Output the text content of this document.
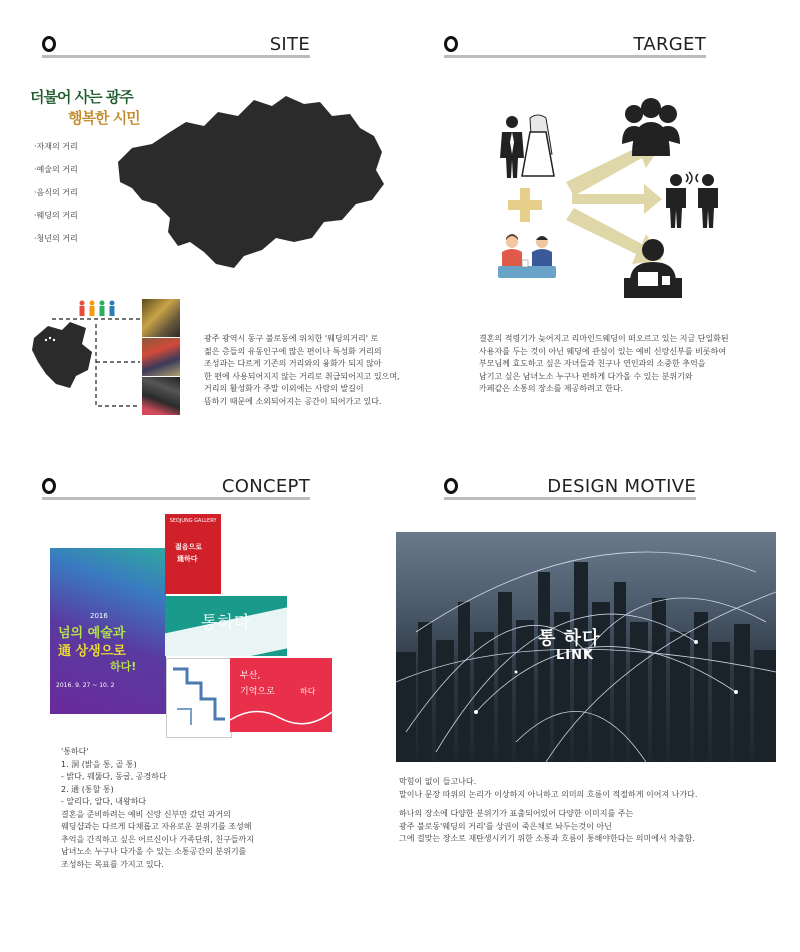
SITE	TARGET
더불어 사는 광주
행복한 시민
·자재의 거리
·예술의 거리
·음식의 거리
·웨딩의 거리
·청년의 거리
광주 광역시 동구 불로동에 위치한 '웨딩의거리' 로
젊은 층들의 유동인구에 많은 편이나 특성화 거리의
조성과는 다르게 기존의 거리와의 융화가 되지 않아
한 편에 사용되어지지 않는 거리로 취급되어지고 있으며,
거리의 활성화가 주말 이외에는 사람의 발길이
뜸하기 때문에 소외되어지는 공간이 되어가고 있다.
결혼의 적령기가 늦어지고 리마인드웨딩이 떠오르고 있는 지금 단일화된
사용자를 두는 것이 아닌 웨딩에 관심이 있는 예비 신랑신부를 비롯하여
부모님께 효도하고 싶은 자녀들과 친구나 연인과의 소중한 추억을
남기고 싶은 남녀노소 누구나 편하게 다가올 수 있는 분위기와
카페같은 소통의 장소를 제공하려고 한다.
CONCEPT	DESIGN MOTIVE
2016
넘의 예술과
通 상생으로
하다!
2016. 9. 27 ~ 10. 2
SEOJUNG GALLERY
젊음으로
通하다
통하다
부산,
기억으로	하다
'통하다'
1. 洞 (밝을 통, 골 통)
- 밝다, 꿰뚫다, 동굴, 공경하다
2. 通 (통할 통)
- 알리다, 알다, 내왕하다
결혼을 준비하려는 예비 신랑 신부만 갔던 과거의
웨딩샵과는 다르게 다채롭고 자유로운 분위기를 조성해
추억을 간직하고 싶은 어르신이나 가족단위, 친구들까지
남녀노소 누구나 다가올 수 있는 소통공간의 분위기를
조성하는 목표를 가지고 있다.
통 하다
LINK
막힘이 없이 들고나다.
말이나 문장 따위의 논리가 이상하지 아니하고 의미의 흐름이 적절하게 이어져 나가다.
하나의 장소에 다양한 분위기가 표출되어있어 다양한 이미지를 주는
광주 불로동'웨딩의 거리'를 상권이 죽은채로 놔두는것이 아닌
그에 걸맞는 장소로 재탄생시키기 위한 소통과 흐름이 통해야한다는 의미에서 차출함.
